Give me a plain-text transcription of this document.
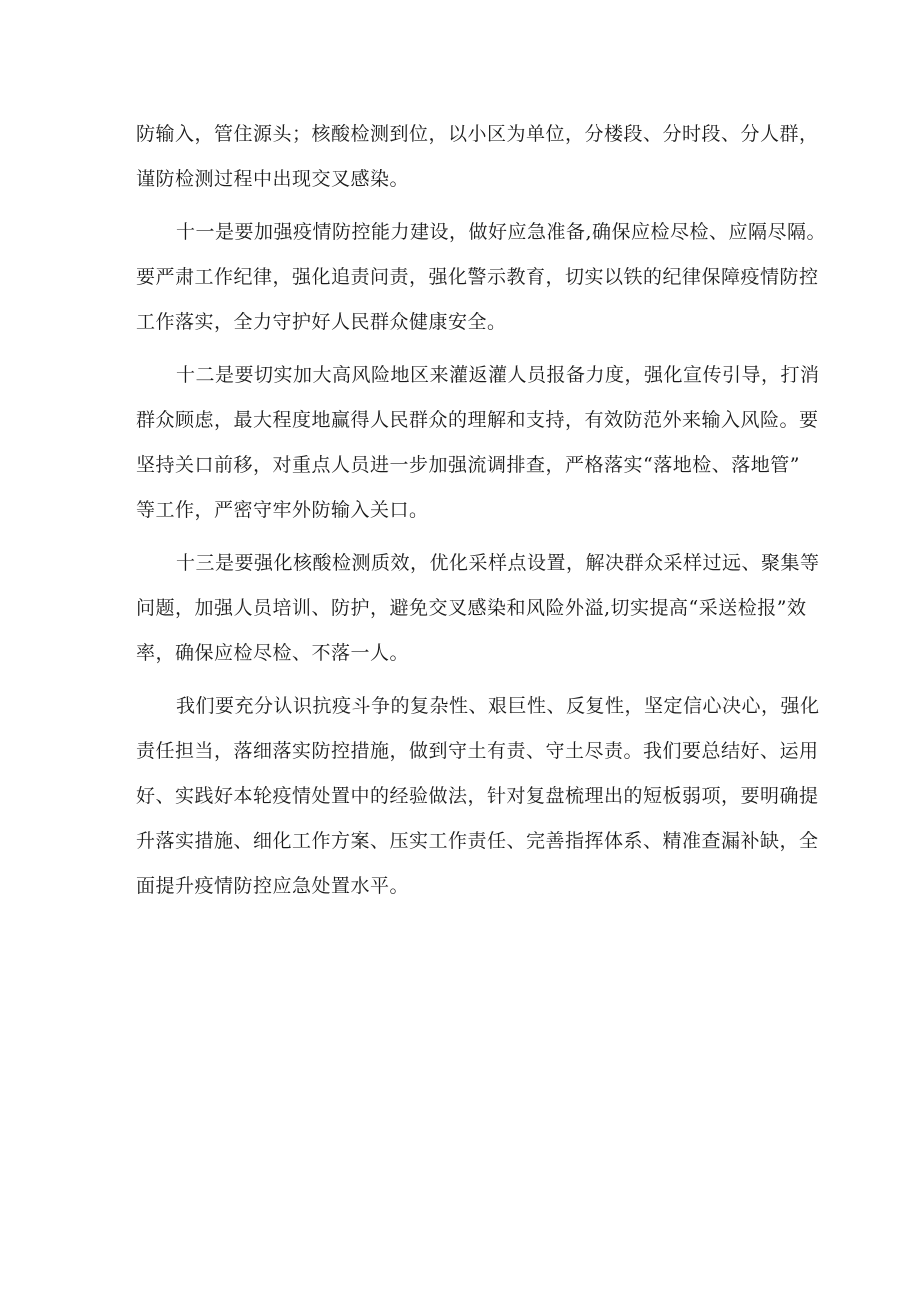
防输入，管住源头；核酸检测到位，以小区为单位，分楼段、分时段、分人群，
谨防检测过程中出现交叉感染。

十一是要加强疫情防控能力建设，做好应急准备,确保应检尽检、应隔尽隔。
要严肃工作纪律，强化追责问责，强化警示教育，切实以铁的纪律保障疫情防控
工作落实，全力守护好人民群众健康安全。

十二是要切实加大高风险地区来灌返灌人员报备力度，强化宣传引导，打消
群众顾虑，最大程度地赢得人民群众的理解和支持，有效防范外来输入风险。要
坚持关口前移，对重点人员进一步加强流调排查，严格落实“落地检、落地管”
等工作，严密守牢外防输入关口。

十三是要强化核酸检测质效，优化采样点设置，解决群众采样过远、聚集等
问题，加强人员培训、防护，避免交叉感染和风险外溢,切实提高“采送检报”效
率，确保应检尽检、不落一人。

我们要充分认识抗疫斗争的复杂性、艰巨性、反复性，坚定信心决心，强化
责任担当，落细落实防控措施，做到守土有责、守土尽责。我们要总结好、运用
好、实践好本轮疫情处置中的经验做法，针对复盘梳理出的短板弱项，要明确提
升落实措施、细化工作方案、压实工作责任、完善指挥体系、精准查漏补缺，全
面提升疫情防控应急处置水平。
